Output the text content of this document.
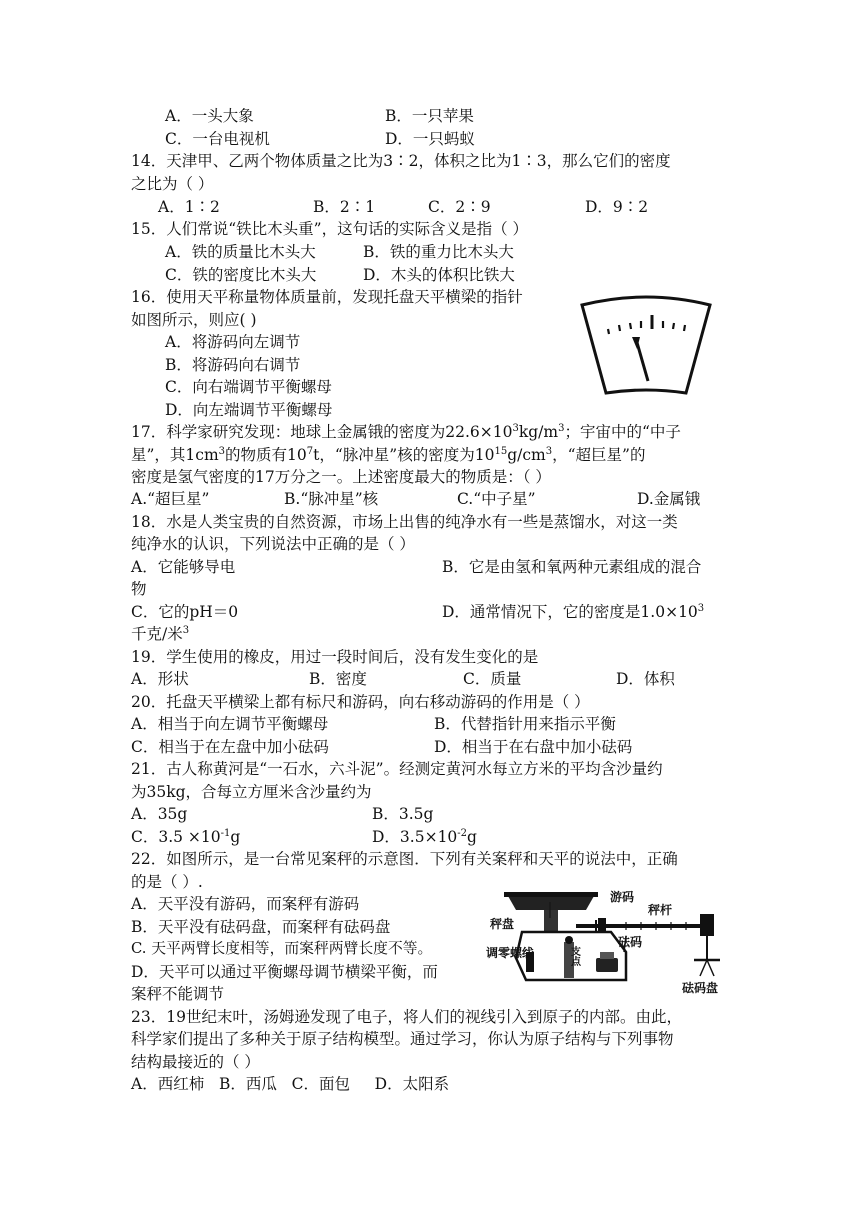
A．一头大象	B．一只苹果
C．一台电视机	D．一只蚂蚁
14．天津甲、乙两个物体质量之比为3∶2，体积之比为1∶3，那么它们的密度
之比为（ ）
A．1∶2	B．2∶1	C．2∶9	D．9∶2
15．人们常说“铁比木头重”，这句话的实际含义是指（ ）
A．铁的质量比木头大	B．铁的重力比木头大
C．铁的密度比木头大	D．木头的体积比铁大
16．使用天平称量物体质量前，发现托盘天平横梁的指针
如图所示，则应( )
A．将游码向左调节
B．将游码向右调节
C．向右端调节平衡螺母
D．向左端调节平衡螺母
17．科学家研究发现：地球上金属锇的密度为$22.6\times 10^3kg/m^3$；宇宙中的“中子
星”，其$1cm^3$的物质有$10^7t$，“脉冲星”核的密度为$10^{15}g/cm^3$，“超巨星”的
密度是氢气密度的17万分之一。上述密度最大的物质是：（ ）
A.“超巨星”	B.“脉冲星”核	C.“中子星”	D.金属锇
18．水是人类宝贵的自然资源，市场上出售的纯净水有一些是蒸馏水，对这一类
纯净水的认识，下列说法中正确的是（ ）
A．它能够导电	B．它是由氢和氧两种元素组成的混合
物
C．它的pH＝0	D．通常情况下，它的密度是$1.0\times 10^3$
千克/米$^3$
19．学生使用的橡皮，用过一段时间后，没有发生变化的是
A．形状	B．密度	C．质量	D．体积
20．托盘天平横梁上都有标尺和游码，向右移动游码的作用是（ ）
A．相当于向左调节平衡螺母	B．代替指针用来指示平衡
C．相当于在左盘中加小砝码	D．相当于在右盘中加小砝码
21．古人称黄河是“一石水，六斗泥”。经测定黄河水每立方米的平均含沙量约
为35kg，合每立方厘米含沙量约为
A．35g	B．3.5g
C．$3.5 \times 10^{-1}g$	D．$3.5\times 10^{-2}g$
22．如图所示，是一台常见案秤的示意图．下列有关案秤和天平的说法中，正确
的是（ ）.
A．天平没有游码，而案秤有游码
B．天平没有砝码盘，而案秤有砝码盘
C. 天平两臂长度相等，而案秤两臂长度不等。
D．天平可以通过平衡螺母调节横梁平衡，而
案秤不能调节
秤盘
游码
秤杆
砝码
调零螺线	支点
砝码盘
23．19世纪末叶，汤姆逊发现了电子，将人们的视线引入到原子的内部。由此，
科学家们提出了多种关于原子结构模型。通过学习，你认为原子结构与下列事物
结构最接近的（ ）
A．西红柿   B．西瓜   C．面包     D．太阳系
